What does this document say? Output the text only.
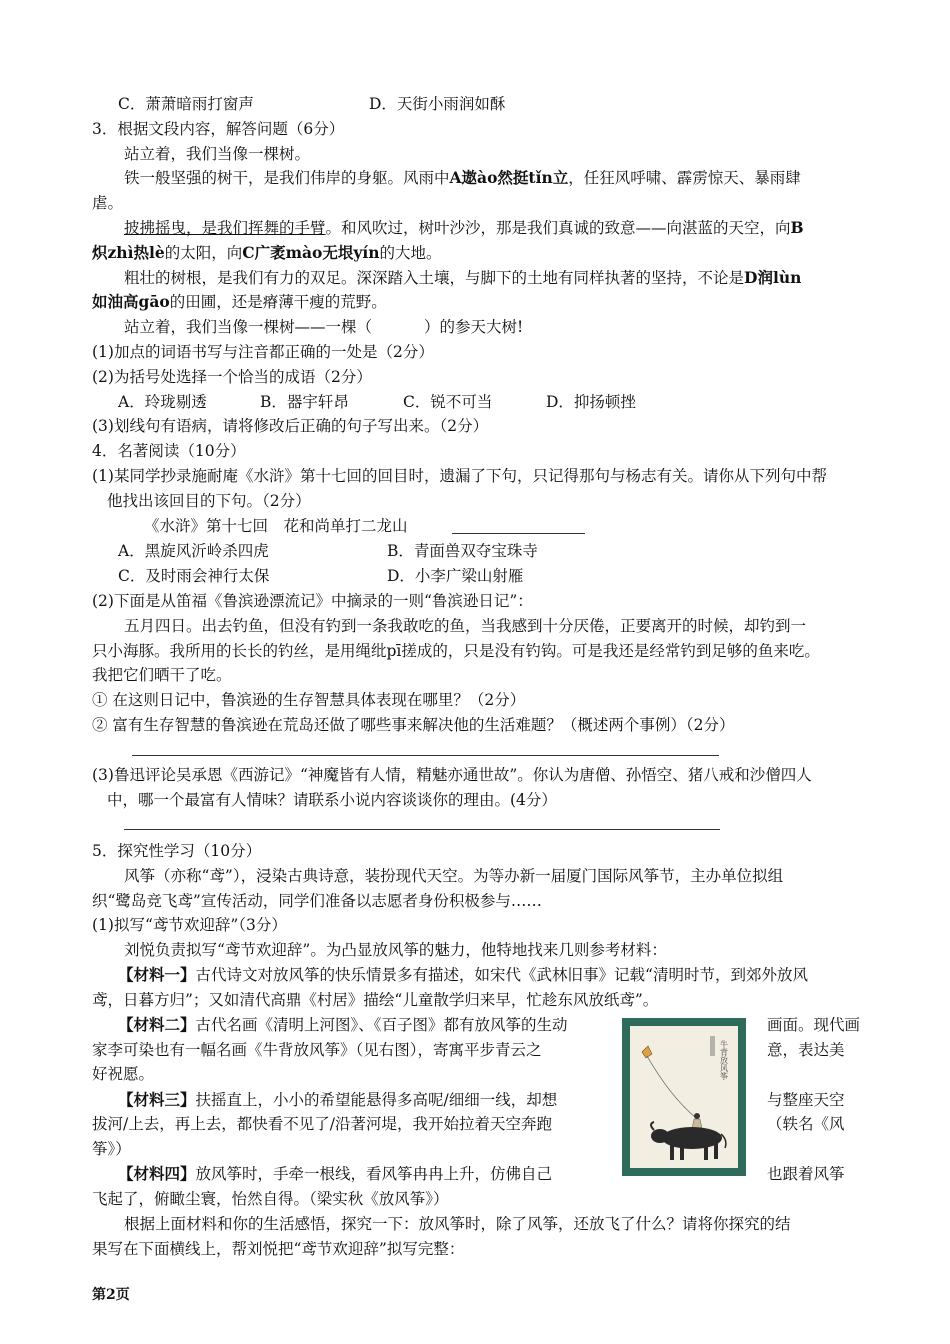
C．萧萧暗雨打窗声	D．天街小雨润如酥
3．根据文段内容，解答问题（6分）
站立着，我们当像一棵树。
铁一般坚强的树干，是我们伟岸的身躯。风雨中A遨ào然挺tǐn立，任狂风呼啸、霹雳惊天、暴雨肆
虐。
披拂摇曳，是我们挥舞的手臂。和风吹过，树叶沙沙，那是我们真诚的致意——向湛蓝的天空，向B
炽zhì热lè的太阳，向C广袤mào无垠yín的大地。
粗壮的树根，是我们有力的双足。深深踏入土壤，与脚下的土地有同样执著的坚持，不论是D润lùn
如油高gāo的田圃，还是瘠薄干瘦的荒野。
站立着，我们当像一棵树——一棵（	）的参天大树!
(1)加点的词语书写与注音都正确的一处是（2分）
(2)为括号处选择一个恰当的成语（2分）
A．玲珑剔透	B．器宇轩昂	C．锐不可当	D．抑扬顿挫
(3)划线句有语病，请将修改后正确的句子写出来。（2分）
4．名著阅读（10分）
(1)某同学抄录施耐庵《水浒》第十七回的回目时，遗漏了下句，只记得那句与杨志有关。请你从下列句中帮
他找出该回目的下句。（2分）
《水浒》第十七回　花和尚单打二龙山
A．黑旋风沂岭杀四虎	B．青面兽双夺宝珠寺
C．及时雨会神行太保	D．小李广梁山射雁
(2)下面是从笛福《鲁滨逊漂流记》中摘录的一则“鲁滨逊日记”：
五月四日。出去钓鱼，但没有钓到一条我敢吃的鱼，当我感到十分厌倦，正要离开的时候，却钓到一
只小海豚。我所用的长长的钓丝，是用绳纰pī搓成的，只是没有钓钩。可是我还是经常钓到足够的鱼来吃。
我把它们晒干了吃。
① 在这则日记中，鲁滨逊的生存智慧具体表现在哪里？（2分）
② 富有生存智慧的鲁滨逊在荒岛还做了哪些事来解决他的生活难题？（概述两个事例）（2分）
(3)鲁迅评论吴承恩《西游记》“神魔皆有人情，精魅亦通世故”。你认为唐僧、孙悟空、猪八戒和沙僧四人
中，哪一个最富有人情味？请联系小说内容谈谈你的理由。(4分）
5．探究性学习（10分）
风筝（亦称“鸢”），浸染古典诗意，装扮现代天空。为等办新一届厦门国际风筝节，主办单位拟组
织“鹭岛竞飞鸢”宣传活动，同学们准备以志愿者身份积极参与……
(1)拟写“鸢节欢迎辞”（3分）
刘悦负责拟写“鸢节欢迎辞”。为凸显放风筝的魅力，他特地找来几则参考材料：
【材料一】古代诗文对放风筝的快乐情景多有描述，如宋代《武林旧事》记载“清明时节，到郊外放风
鸢，日暮方归”；又如清代高鼎《村居》描绘“儿童散学归来早，忙趁东风放纸鸢”。
【材料二】古代名画《清明上河图》、《百子图》都有放风筝的生动	画面。现代画
家李可染也有一幅名画《牛背放风筝》（见右图），寄寓平步青云之	意，表达美
好祝愿。
【材料三】扶摇直上，小小的希望能悬得多高呢/细细一线，却想	与整座天空
拔河/上去，再上去，都快看不见了/沿著河堤，我开始拉着天空奔跑	（轶名《风
筝》）
【材料四】放风筝时，手牵一根线，看风筝冉冉上升，仿佛自己	也跟着风筝
飞起了，俯瞰尘寰，怡然自得。（梁实秋《放风筝》）
根据上面材料和你的生活感悟，探究一下：放风筝时，除了风筝，还放飞了什么？请将你探究的结
果写在下面横线上，帮刘悦把“鸢节欢迎辞”拟写完整：
牛背放风筝
第2页
